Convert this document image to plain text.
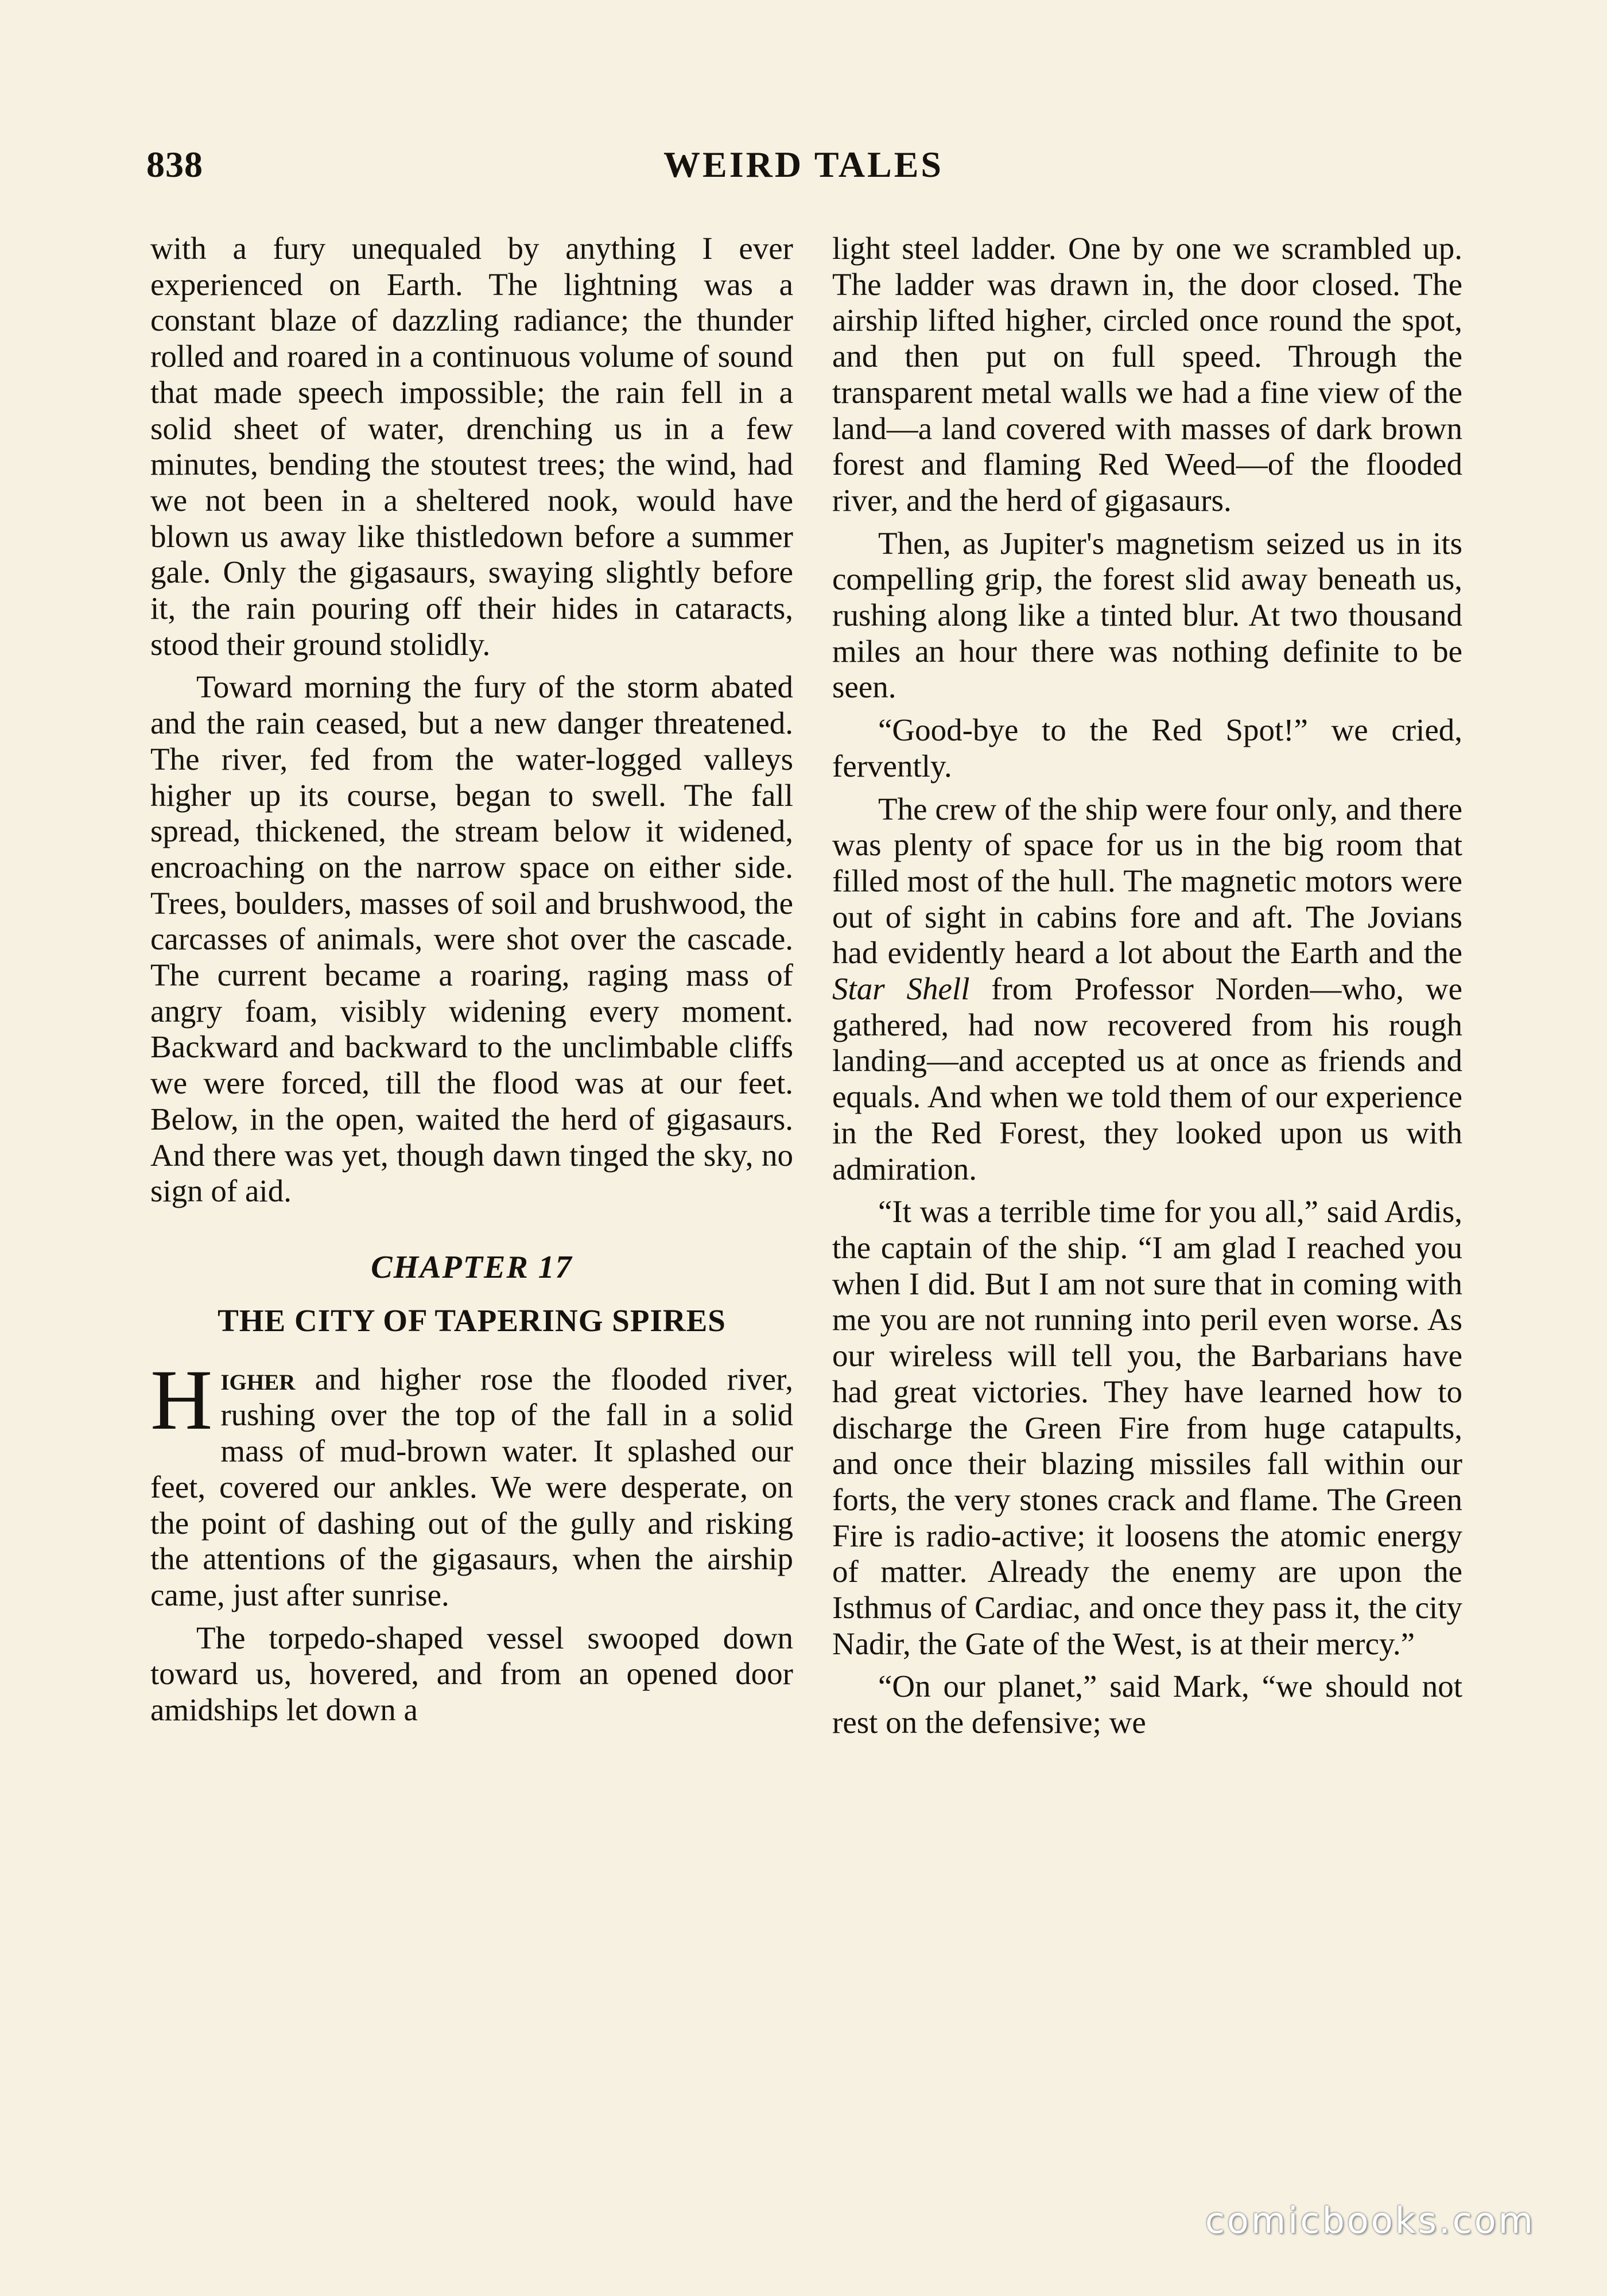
838	WEIRD TALES

with a fury unequaled by anything I ever experienced on Earth. The lightning was a constant blaze of dazzling radiance; the thunder rolled and roared in a continuous volume of sound that made speech impossible; the rain fell in a solid sheet of water, drenching us in a few minutes, bending the stoutest trees; the wind, had we not been in a sheltered nook, would have blown us away like thistledown before a summer gale. Only the gigasaurs, swaying slightly before it, the rain pouring off their hides in cataracts, stood their ground stolidly.

Toward morning the fury of the storm abated and the rain ceased, but a new danger threatened. The river, fed from the water-logged valleys higher up its course, began to swell. The fall spread, thickened, the stream below it widened, encroaching on the narrow space on either side. Trees, boulders, masses of soil and brushwood, the carcasses of animals, were shot over the cascade. The current became a roaring, raging mass of angry foam, visibly widening every moment. Backward and backward to the unclimbable cliffs we were forced, till the flood was at our feet. Below, in the open, waited the herd of gigasaurs. And there was yet, though dawn tinged the sky, no sign of aid.

CHAPTER 17
THE CITY OF TAPERING SPIRES

Higher and higher rose the flooded river, rushing over the top of the fall in a solid mass of mud-brown water. It splashed our feet, covered our ankles. We were desperate, on the point of dashing out of the gully and risking the attentions of the gigasaurs, when the airship came, just after sunrise.

The torpedo-shaped vessel swooped down toward us, hovered, and from an opened door amidships let down a

light steel ladder. One by one we scrambled up. The ladder was drawn in, the door closed. The airship lifted higher, circled once round the spot, and then put on full speed. Through the transparent metal walls we had a fine view of the land—a land covered with masses of dark brown forest and flaming Red Weed—of the flooded river, and the herd of gigasaurs.

Then, as Jupiter's magnetism seized us in its compelling grip, the forest slid away beneath us, rushing along like a tinted blur. At two thousand miles an hour there was nothing definite to be seen.

“Good-bye to the Red Spot!” we cried, fervently.

The crew of the ship were four only, and there was plenty of space for us in the big room that filled most of the hull. The magnetic motors were out of sight in cabins fore and aft. The Jovians had evidently heard a lot about the Earth and the Star Shell from Professor Norden—who, we gathered, had now recovered from his rough landing—and accepted us at once as friends and equals. And when we told them of our experience in the Red Forest, they looked upon us with admiration.

“It was a terrible time for you all,” said Ardis, the captain of the ship. “I am glad I reached you when I did. But I am not sure that in coming with me you are not running into peril even worse. As our wireless will tell you, the Barbarians have had great victories. They have learned how to discharge the Green Fire from huge catapults, and once their blazing missiles fall within our forts, the very stones crack and flame. The Green Fire is radio-active; it loosens the atomic energy of matter. Already the enemy are upon the Isthmus of Cardiac, and once they pass it, the city Nadir, the Gate of the West, is at their mercy.”

“On our planet,” said Mark, “we should not rest on the defensive; we

comicbooks.com
